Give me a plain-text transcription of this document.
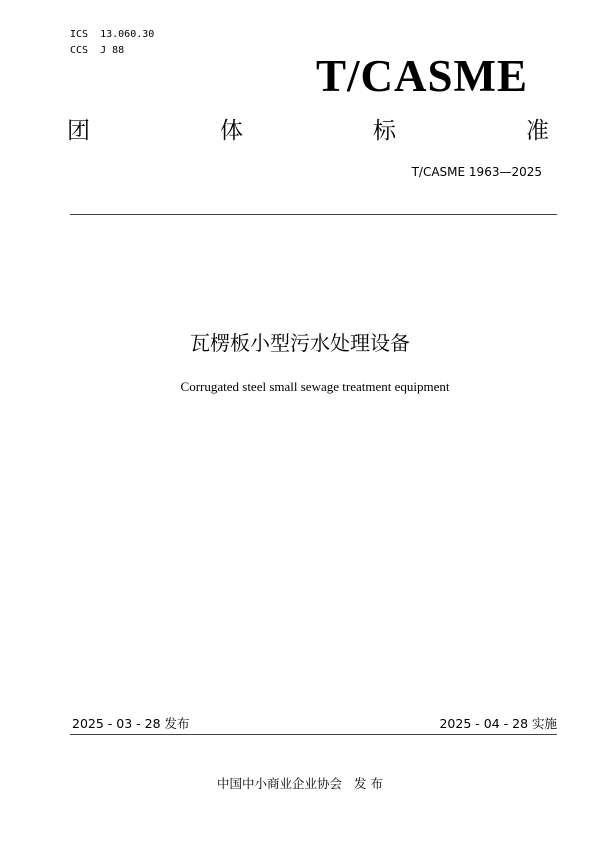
ICS  13.060.30
CCS  J 88
T/CASME
团	体	标	准
T/CASME 1963—2025
瓦楞板小型污水处理设备
Corrugated steel small sewage treatment equipment
2025 - 03 - 28 发布	2025 - 04 - 28 实施
中国中小商业企业协会   发 布
